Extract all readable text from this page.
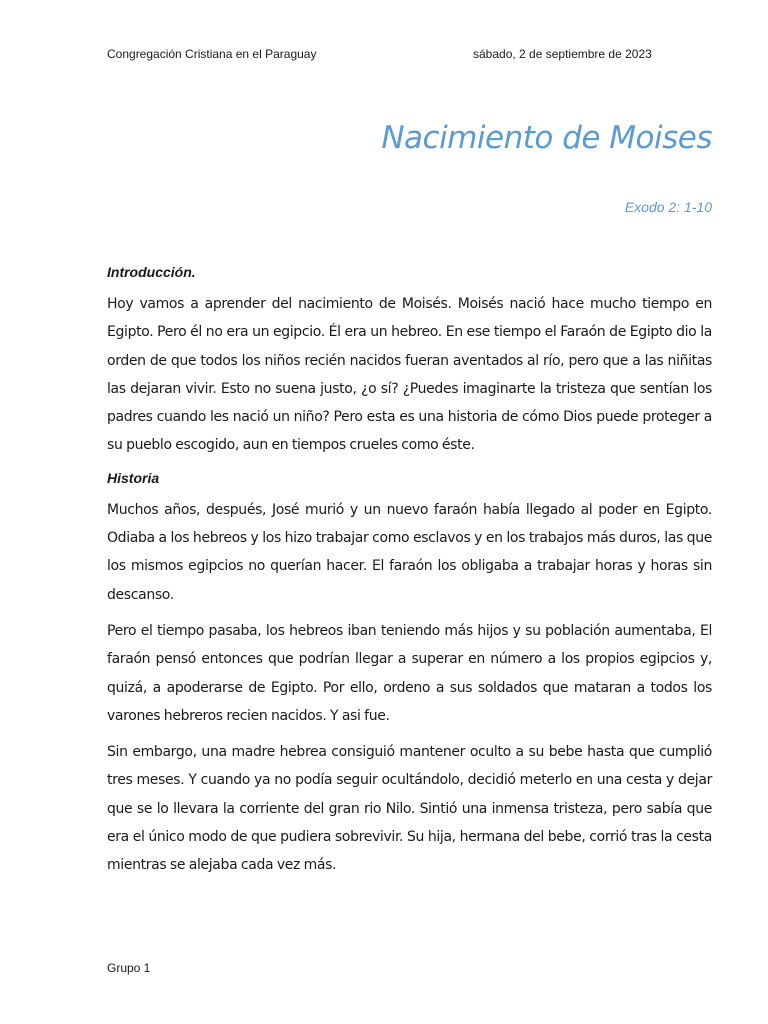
Congregación Cristiana en el Paraguay	sábado, 2 de septiembre de 2023
Nacimiento de Moises
Exodo 2: 1-10
Introducción.

Hoy vamos a aprender del nacimiento de Moisés. Moisés nació hace mucho tiempo en Egipto. Pero él no era un egipcio. Él era un hebreo. En ese tiempo el Faraón de Egipto dio la orden de que todos los niños recién nacidos fueran aventados al río, pero que a las niñitas las dejaran vivir. Esto no suena justo, ¿o sí? ¿Puedes imaginarte la tristeza que sentían los padres cuando les nació un niño? Pero esta es una historia de cómo Dios puede proteger a su pueblo escogido, aun en tiempos crueles como éste.

Historia

Muchos años, después, José murió y un nuevo faraón había llegado al poder en Egipto. Odiaba a los hebreos y los hizo trabajar como esclavos y en los trabajos más duros, las que los mismos egipcios no querían hacer. El faraón los obligaba a trabajar horas y horas sin descanso.

Pero el tiempo pasaba, los hebreos iban teniendo más hijos y su población aumentaba, El faraón pensó entonces que podrían llegar a superar en número a los propios egipcios y, quizá, a apoderarse de Egipto. Por ello, ordeno a sus soldados que mataran a todos los varones hebreros recien nacidos. Y asi fue.

Sin embargo, una madre hebrea consiguió mantener oculto a su bebe hasta que cumplió tres meses. Y cuando ya no podía seguir ocultándolo, decidió meterlo en una cesta y dejar que se lo llevara la corriente del gran rio Nilo. Sintió una inmensa tristeza, pero sabía que era el único modo de que pudiera sobrevivir. Su hija, hermana del bebe, corrió tras la cesta mientras se alejaba cada vez más.

Grupo 1
